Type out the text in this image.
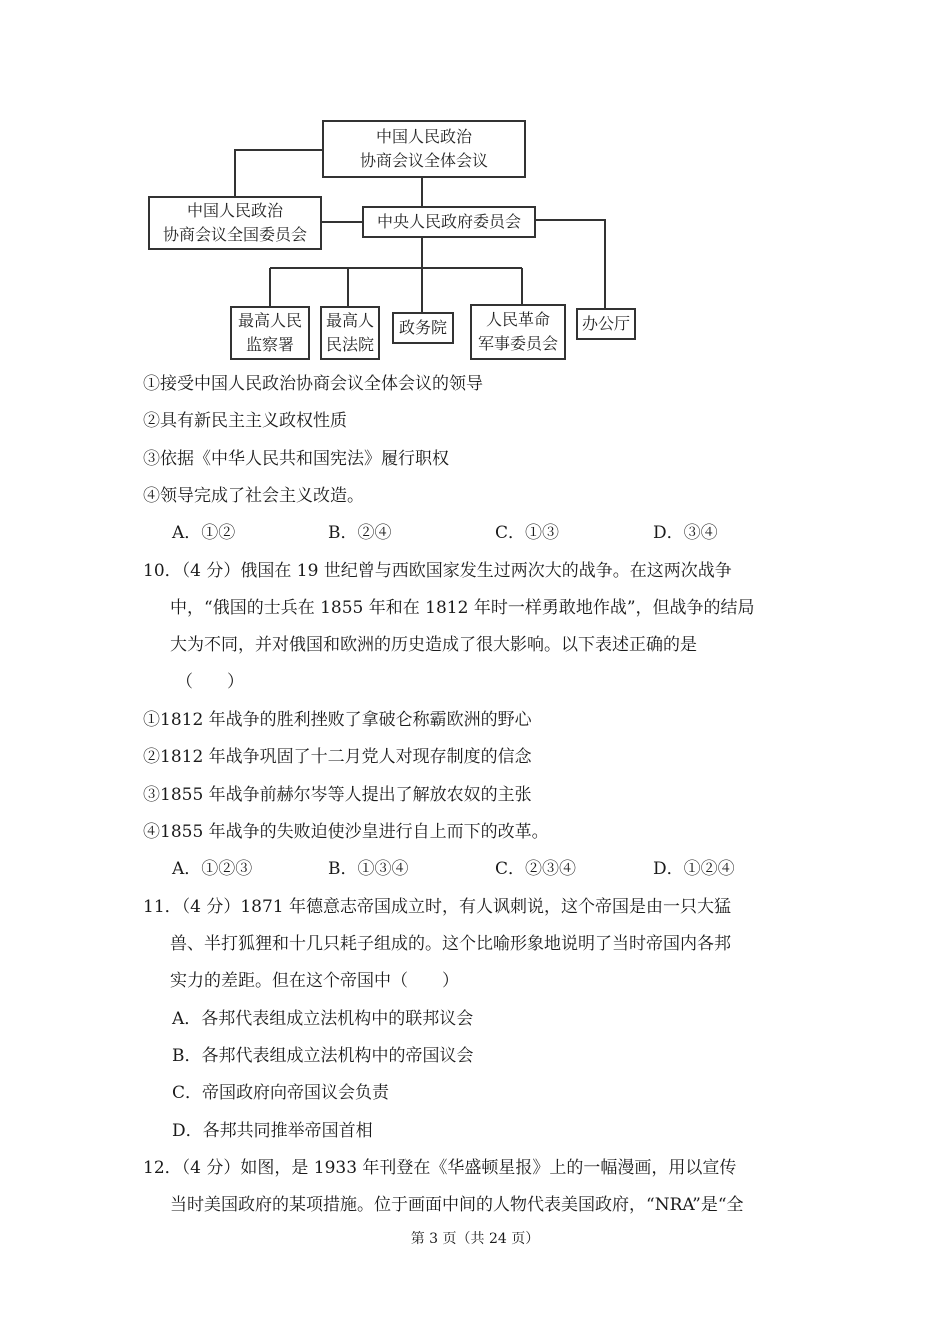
中国人民政治
协商会议全体会议
中国人民政治
协商会议全国委员会
中央人民政府委员会
最高人民
监察署
最高人
民法院
政务院	人民革命
军事委员会
办公厅
①接受中国人民政治协商会议全体会议的领导
②具有新民主主义政权性质
③依据《中华人民共和国宪法》履行职权
④领导完成了社会主义改造。
A．①②	B．②④	C．①③	D．③④
10．（4 分）俄国在 19 世纪曾与西欧国家发生过两次大的战争。在这两次战争
中，“俄国的士兵在 1855 年和在 1812 年时一样勇敢地作战”，但战争的结局
大为不同，并对俄国和欧洲的历史造成了很大影响。以下表述正确的是
（　　）
①1812 年战争的胜利挫败了拿破仑称霸欧洲的野心
②1812 年战争巩固了十二月党人对现存制度的信念
③1855 年战争前赫尔岑等人提出了解放农奴的主张
④1855 年战争的失败迫使沙皇进行自上而下的改革。
A．①②③	B．①③④	C．②③④	D．①②④
11．（4 分）1871 年德意志帝国成立时，有人讽刺说，这个帝国是由一只大猛
兽、半打狐狸和十几只耗子组成的。这个比喻形象地说明了当时帝国内各邦
实力的差距。但在这个帝国中（　　）
A．各邦代表组成立法机构中的联邦议会
B．各邦代表组成立法机构中的帝国议会
C．帝国政府向帝国议会负责
D．各邦共同推举帝国首相
12．（4 分）如图，是 1933 年刊登在《华盛顿星报》上的一幅漫画，用以宣传
当时美国政府的某项措施。位于画面中间的人物代表美国政府，“NRA”是“全
第 3 页（共 24 页）
